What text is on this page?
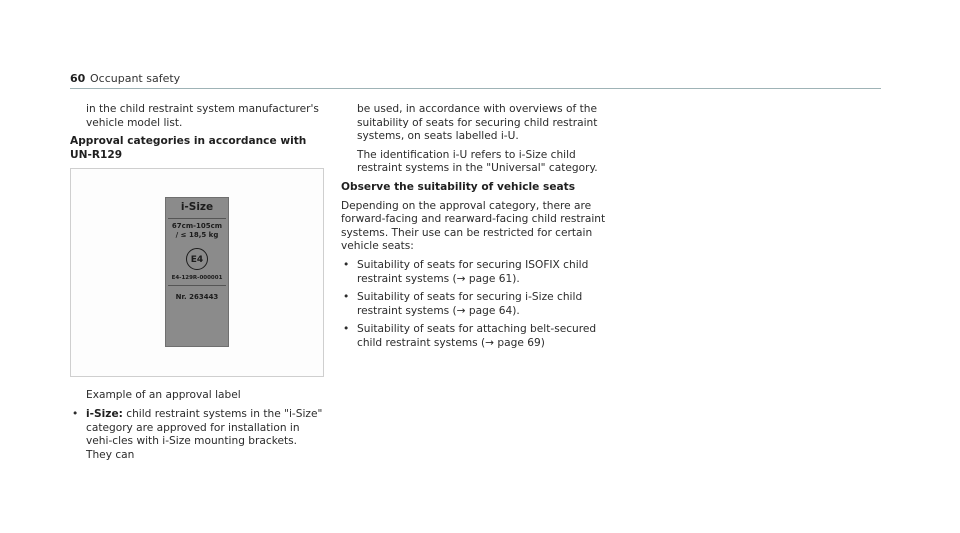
60 Occupant safety

in the child restraint system manufacturer's vehicle model list.

Approval categories in accordance with UN-R129

i-Size
67cm-105cm
/ ≤ 18,5 kg
E4
E4-129R-000001
Nr. 263443

Example of an approval label

• i-Size: child restraint systems in the "i-Size" category are approved for installation in vehi-cles with i-Size mounting brackets. They can

be used, in accordance with overviews of the suitability of seats for securing child restraint systems, on seats labelled i-U.

The identification i-U refers to i-Size child restraint systems in the "Universal" category.

Observe the suitability of vehicle seats

Depending on the approval category, there are forward-facing and rearward-facing child restraint systems. Their use can be restricted for certain vehicle seats:

• Suitability of seats for securing ISOFIX child restraint systems (→ page 61).
• Suitability of seats for securing i-Size child restraint systems (→ page 64).
• Suitability of seats for attaching belt-secured child restraint systems (→ page 69)
